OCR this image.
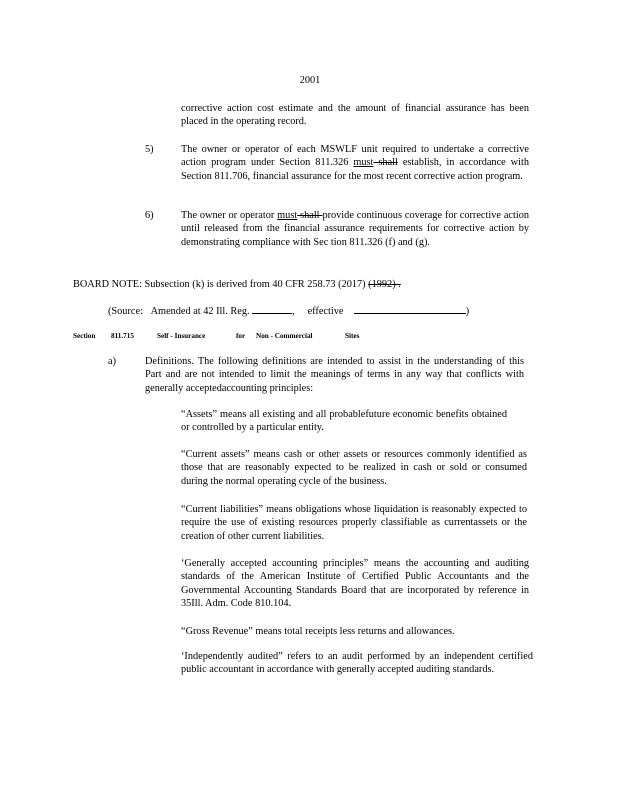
2001
corrective action cost estimate and the amount of financial assurance has been placed in the operating record.
5)	The owner or operator of each MSWLF unit required to undertake a corrective action program under Section 811.326 must shall establish, in accordance with Section 811.706, financial assurance for the most recent corrective action program.
6)	The owner or operator must shall provide continuous coverage for corrective action until released from the financial assurance requirements for corrective action by demonstrating compliance with Sec tion 811.326 (f) and (g).
BOARD NOTE: Subsection (k) is derived from 40 CFR 258.73 (2017) (1992) .
(Source: Amended at 42 Ill. Reg.	, effective	)
Section 811.715	Self - Insurance	for Non - Commercial	Sites
a)	Definitions. The following definitions are intended to assist in the understanding of this Part and are not intended to limit the meanings of terms in any way that conflicts with generally acceptedaccounting principles:
“Assets” means all existing and all probablefuture economic benefits obtained or controlled by a particular entity.
“Current assets” means cash or other assets or resources commonly identified as those that are reasonably expected to be realized in cash or sold or consumed during the normal operating cycle of the business.
“Current liabilities” means obligations whose liquidation is reasonably expected to require the use of existing resources properly classifiable as currentassets or the creation of other current liabilities.
‘Generally accepted accounting principles” means the accounting and auditing standards of the American Institute of Certified Public Accountants and the Governmental Accounting Standards Board that are incorporated by reference in 35Ill. Adm. Code 810.104.
“Gross Revenue” means total receipts less returns and allowances.
‘Independently audited” refers to an audit performed by an independent certified public accountant in accordance with generally accepted auditing standards.
